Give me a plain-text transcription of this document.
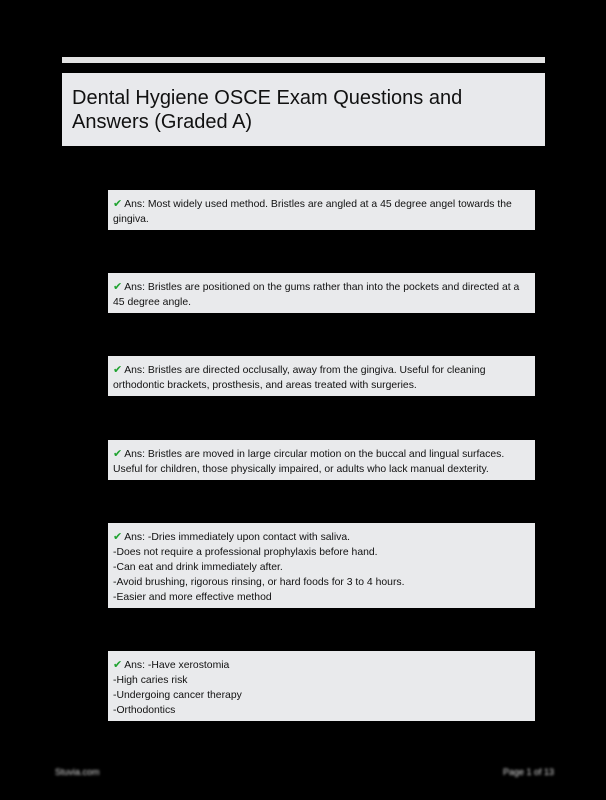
Dental Hygiene OSCE Exam Questions and Answers (Graded A)
✔ Ans: Most widely used method. Bristles are angled at a 45 degree angel towards the gingiva.
✔ Ans: Bristles are positioned on the gums rather than into the pockets and directed at a 45 degree angle.
✔ Ans: Bristles are directed occlusally, away from the gingiva. Useful for cleaning orthodontic brackets, prosthesis, and areas treated with surgeries.
✔ Ans: Bristles are moved in large circular motion on the buccal and lingual surfaces. Useful for children, those physically impaired, or adults who lack manual dexterity.
✔ Ans: -Dries immediately upon contact with saliva.
-Does not require a professional prophylaxis before hand.
-Can eat and drink immediately after.
-Avoid brushing, rigorous rinsing, or hard foods for 3 to 4 hours.
-Easier and more effective method
✔ Ans: -Have xerostomia
-High caries risk
-Undergoing cancer therapy
-Orthodontics
Stuvia.com	Page 1 of 13
